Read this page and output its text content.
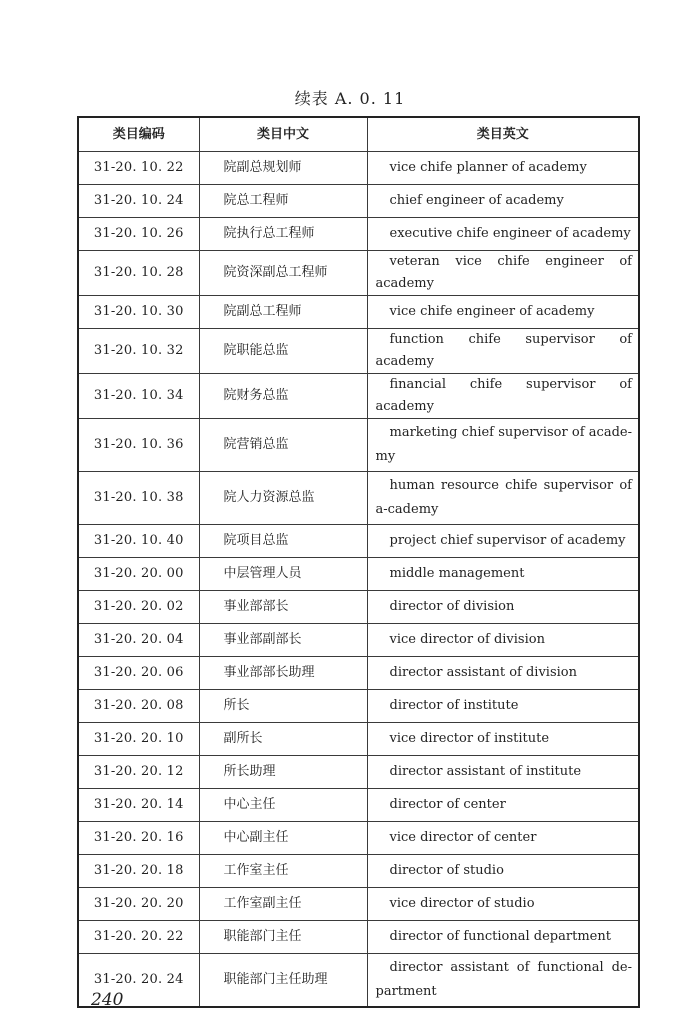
续表 A. 0. 11
类目编码	类目中文	类目英文
31-20. 10. 22	院副总规划师	vice chife planner of academy
31-20. 10. 24	院总工程师	chief engineer of academy
31-20. 10. 26	院执行总工程师	executive chife engineer of academy
31-20. 10. 28	院资深副总工程师	veteran vice chife engineer of academy
31-20. 10. 30	院副总工程师	vice chife engineer of academy
31-20. 10. 32	院职能总监	function chife supervisor of academy
31-20. 10. 34	院财务总监	financial chife supervisor of academy
31-20. 10. 36	院营销总监	marketing chief supervisor of acade-my
31-20. 10. 38	院人力资源总监	human resource chife supervisor of a-cademy
31-20. 10. 40	院项目总监	project chief supervisor of academy
31-20. 20. 00	中层管理人员	middle management
31-20. 20. 02	事业部部长	director of division
31-20. 20. 04	事业部副部长	vice director of division
31-20. 20. 06	事业部部长助理	director assistant of division
31-20. 20. 08	所长	director of institute
31-20. 20. 10	副所长	vice director of institute
31-20. 20. 12	所长助理	director assistant of institute
31-20. 20. 14	中心主任	director of center
31-20. 20. 16	中心副主任	vice director of center
31-20. 20. 18	工作室主任	director of studio
31-20. 20. 20	工作室副主任	vice director of studio
31-20. 20. 22	职能部门主任	director of functional department
31-20. 20. 24	职能部门主任助理	director assistant of functional de-partment
240
